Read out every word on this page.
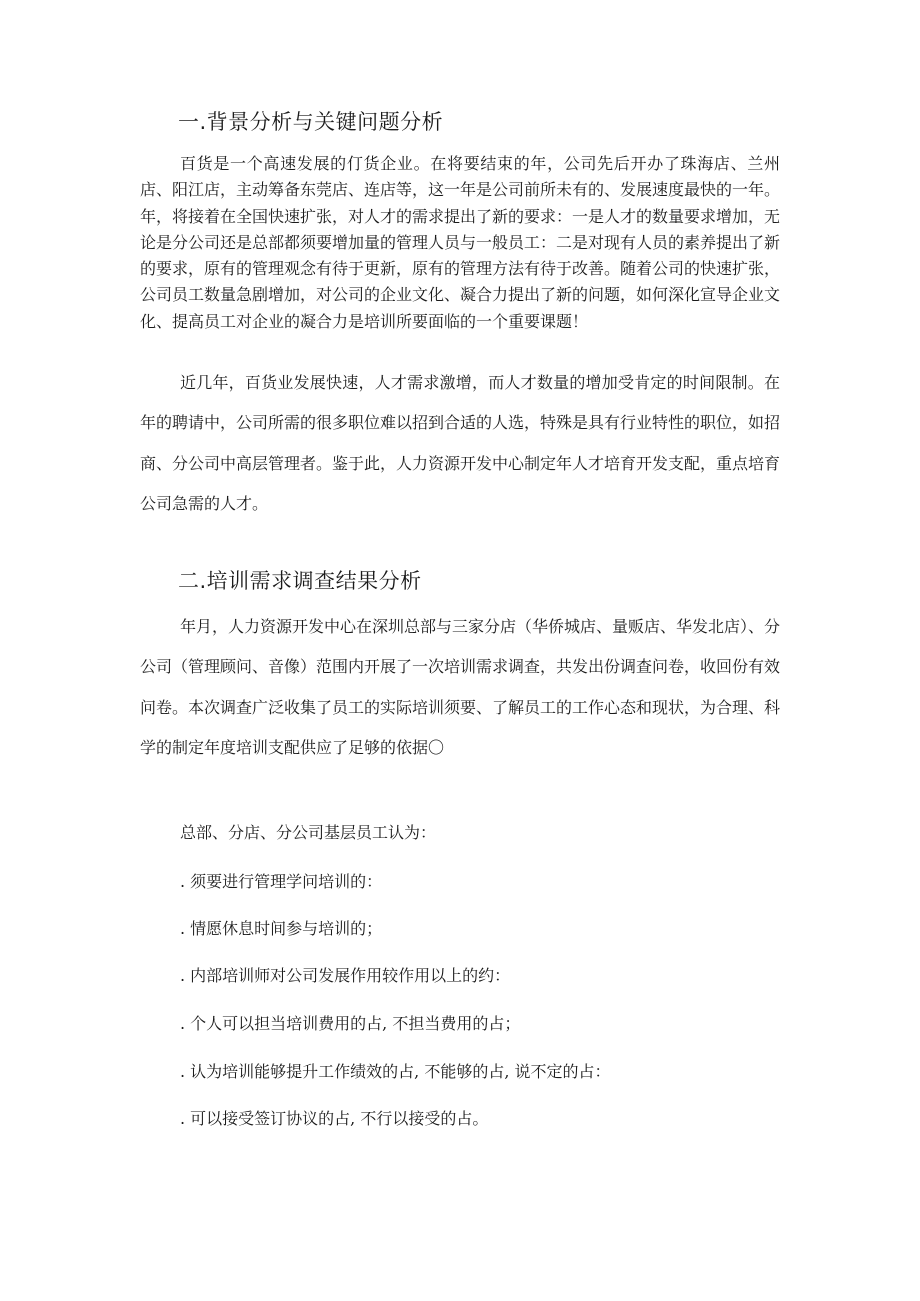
一.背景分析与关键问题分析

百货是一个高速发展的仃货企业。在将要结束的年，公司先后开办了珠海店、兰州店、阳江店，主动筹备东莞店、连店等，这一年是公司前所未有的、发展速度最快的一年。年，将接着在全国快速扩张，对人才的需求提出了新的要求：一是人才的数量要求增加，无论是分公司还是总部都须要增加量的管理人员与一般员工：二是对现有人员的素养提出了新的要求，原有的管理观念有待于更新，原有的管理方法有待于改善。随着公司的快速扩张，公司员工数量急剧增加，对公司的企业文化、凝合力提出了新的问题，如何深化宣导企业文化、提高员工对企业的凝合力是培训所要面临的一个重要课题！

近几年，百货业发展快速，人才需求激增，而人才数量的增加受肯定的时间限制。在年的聘请中，公司所需的很多职位难以招到合适的人选，特殊是具有行业特性的职位，如招商、分公司中高层管理者。鉴于此，人力资源开发中心制定年人才培育开发支配，重点培育公司急需的人才。

二.培训需求调查结果分析

年月，人力资源开发中心在深圳总部与三家分店（华侨城店、量贩店、华发北店）、分公司（管理顾问、音像）范围内开展了一次培训需求调查，共发出份调查问卷，收回份有效问卷。本次调查广泛收集了员工的实际培训须要、了解员工的工作心态和现状，为合理、科学的制定年度培训支配供应了足够的依据〇

总部、分店、分公司基层员工认为：

. 须要进行管理学问培训的：

. 情愿休息时间参与培训的；

. 内部培训师对公司发展作用较作用以上的约：

. 个人可以担当培训费用的占, 不担当费用的占；

. 认为培训能够提升工作绩效的占, 不能够的占, 说不定的占：

. 可以接受签订协议的占, 不行以接受的占。
